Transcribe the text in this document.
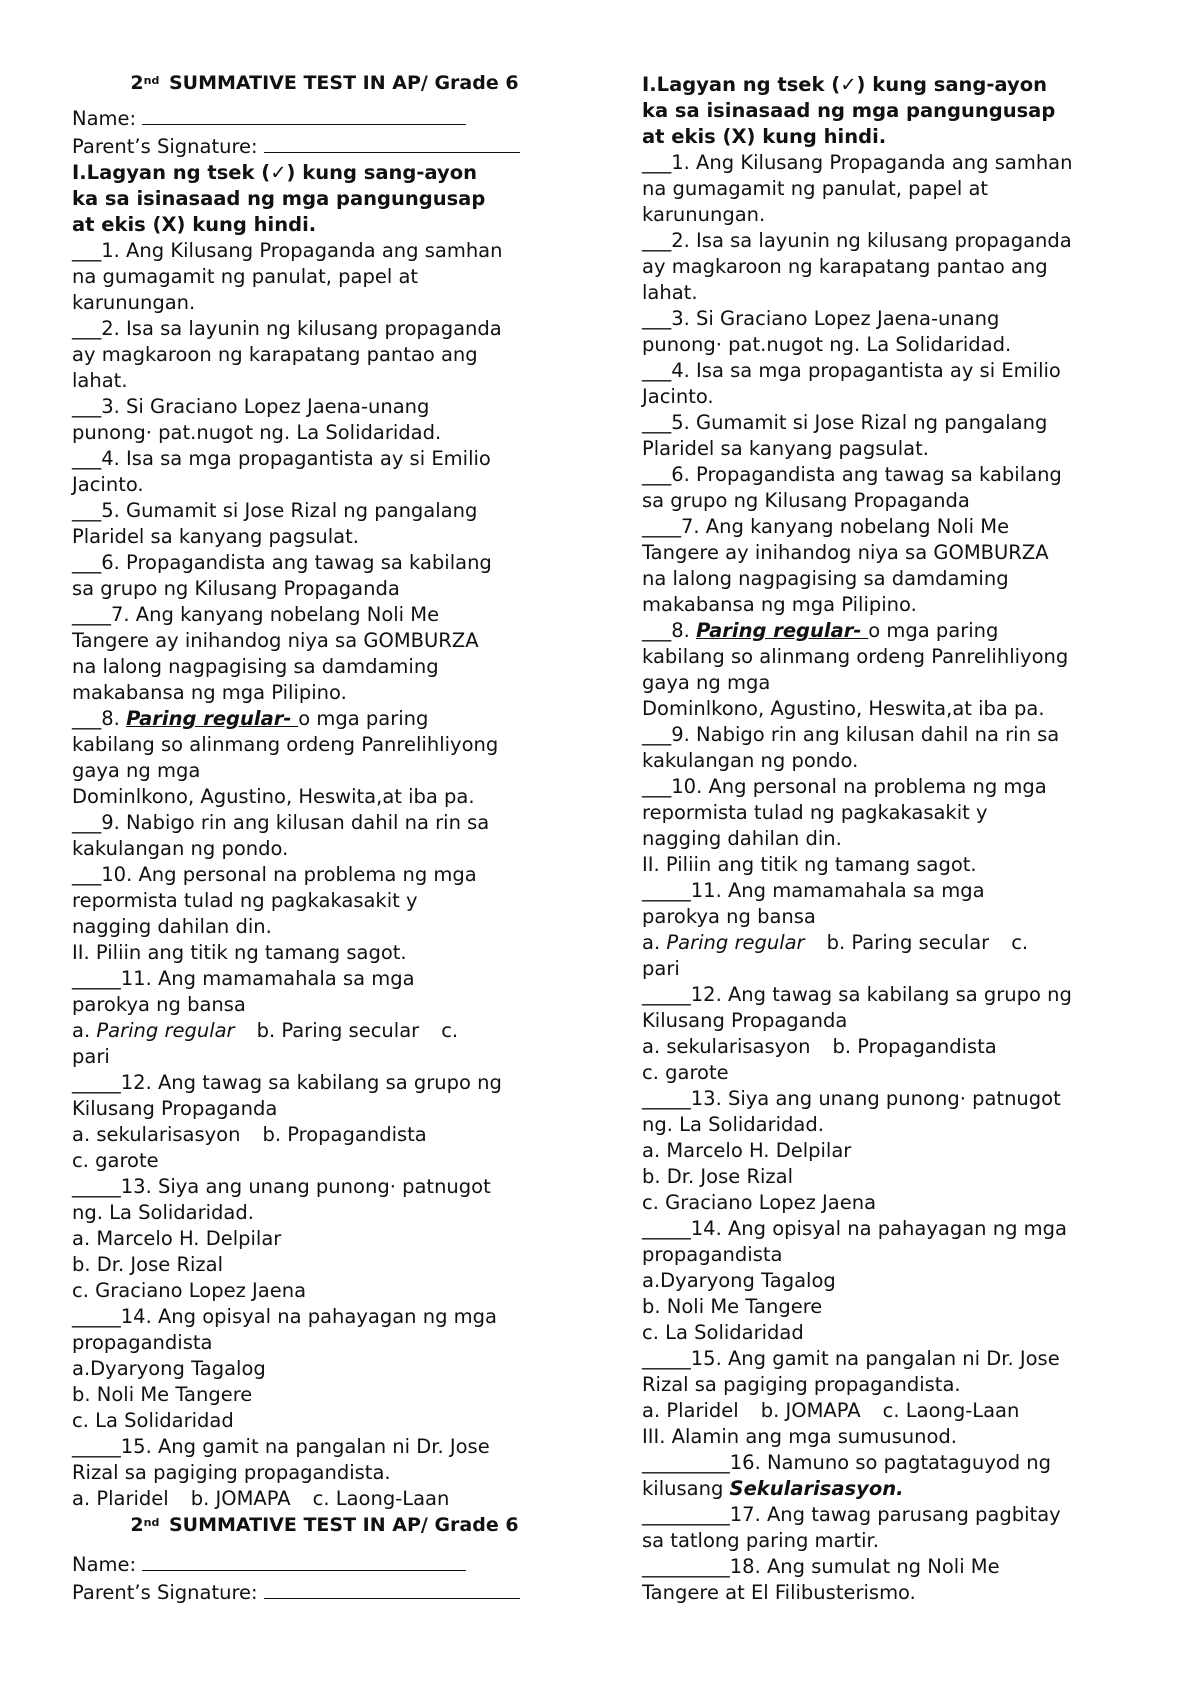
2nd SUMMATIVE TEST IN AP/ Grade 6
Name:
Parent’s Signature:
I.Lagyan ng tsek (✓) kung sang-ayon
ka sa isinasaad ng mga pangungusap
at ekis (X) kung hindi.
___1. Ang Kilusang Propaganda ang samhan
na gumagamit ng panulat, papel at
karunungan.
___2. Isa sa layunin ng kilusang propaganda
ay magkaroon ng karapatang pantao ang
lahat.
___3. Si Graciano Lopez Jaena-unang
punong· pat.nugot ng. La Solidaridad.
___4. Isa sa mga propagantista ay si Emilio
Jacinto.
___5. Gumamit si Jose Rizal ng pangalang
Plaridel sa kanyang pagsulat.
___6. Propagandista ang tawag sa kabilang
sa grupo ng Kilusang Propaganda
____7. Ang kanyang nobelang Noli Me
Tangere ay inihandog niya sa GOMBURZA
na lalong nagpagising sa damdaming
makabansa ng mga Pilipino.
___8. Paring regular- o mga paring
kabilang so alinmang ordeng Panrelihliyong
gaya ng mga
Dominlkono, Agustino, Heswita,at iba pa.
___9. Nabigo rin ang kilusan dahil na rin sa
kakulangan ng pondo.
___10. Ang personal na problema ng mga
repormista tulad ng pagkakasakit y
nagging dahilan din.
II. Piliin ang titik ng tamang sagot.
_____11. Ang mamamahala sa mga
parokya ng bansa
a. Paring regular b. Paring secular c.
pari
_____12. Ang tawag sa kabilang sa grupo ng
Kilusang Propaganda
a. sekularisasyon b. Propagandista
c. garote
_____13. Siya ang unang punong· patnugot
ng. La Solidaridad.
a. Marcelo H. Delpilar
b. Dr. Jose Rizal
c. Graciano Lopez Jaena
_____14. Ang opisyal na pahayagan ng mga
propagandista
a.Dyaryong Tagalog
b. Noli Me Tangere
c. La Solidaridad
_____15. Ang gamit na pangalan ni Dr. Jose
Rizal sa pagiging propagandista.
a. Plaridel b. JOMAPA c. Laong-Laan
2nd SUMMATIVE TEST IN AP/ Grade 6
Name:
Parent’s Signature:
I.Lagyan ng tsek (✓) kung sang-ayon
ka sa isinasaad ng mga pangungusap
at ekis (X) kung hindi.
___1. Ang Kilusang Propaganda ang samhan
na gumagamit ng panulat, papel at
karunungan.
___2. Isa sa layunin ng kilusang propaganda
ay magkaroon ng karapatang pantao ang
lahat.
___3. Si Graciano Lopez Jaena-unang
punong· pat.nugot ng. La Solidaridad.
___4. Isa sa mga propagantista ay si Emilio
Jacinto.
___5. Gumamit si Jose Rizal ng pangalang
Plaridel sa kanyang pagsulat.
___6. Propagandista ang tawag sa kabilang
sa grupo ng Kilusang Propaganda
____7. Ang kanyang nobelang Noli Me
Tangere ay inihandog niya sa GOMBURZA
na lalong nagpagising sa damdaming
makabansa ng mga Pilipino.
___8. Paring regular- o mga paring
kabilang so alinmang ordeng Panrelihliyong
gaya ng mga
Dominlkono, Agustino, Heswita,at iba pa.
___9. Nabigo rin ang kilusan dahil na rin sa
kakulangan ng pondo.
___10. Ang personal na problema ng mga
repormista tulad ng pagkakasakit y
nagging dahilan din.
II. Piliin ang titik ng tamang sagot.
_____11. Ang mamamahala sa mga
parokya ng bansa
a. Paring regular b. Paring secular c.
pari
_____12. Ang tawag sa kabilang sa grupo ng
Kilusang Propaganda
a. sekularisasyon b. Propagandista
c. garote
_____13. Siya ang unang punong· patnugot
ng. La Solidaridad.
a. Marcelo H. Delpilar
b. Dr. Jose Rizal
c. Graciano Lopez Jaena
_____14. Ang opisyal na pahayagan ng mga
propagandista
a.Dyaryong Tagalog
b. Noli Me Tangere
c. La Solidaridad
_____15. Ang gamit na pangalan ni Dr. Jose
Rizal sa pagiging propagandista.
a. Plaridel b. JOMAPA c. Laong-Laan
III. Alamin ang mga sumusunod.
_________16. Namuno so pagtataguyod ng
kilusang Sekularisasyon.
_________17. Ang tawag parusang pagbitay
sa tatlong paring martir.
_________18. Ang sumulat ng Noli Me
Tangere at El Filibusterismo.
